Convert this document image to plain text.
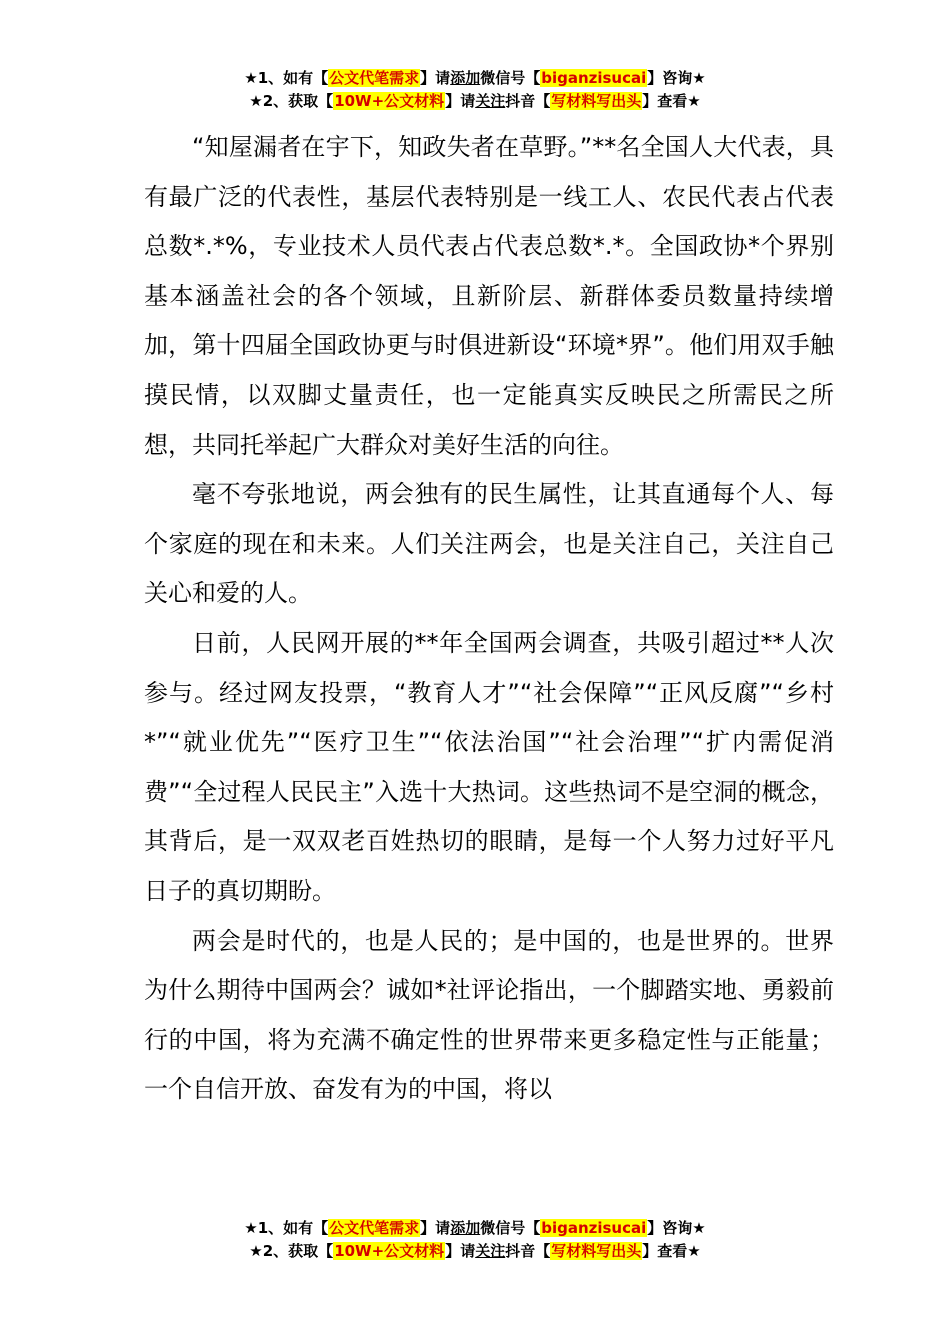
★1、如有【公文代笔需求】请添加微信号【biganzisucai】咨询★
★2、获取【10W+公文材料】请关注抖音【写材料写出头】查看★

“知屋漏者在宇下，知政失者在草野。”**名全国人大代表，具有最广泛的代表性，基层代表特别是一线工人、农民代表占代表总数*.*%，专业技术人员代表占代表总数*.*。全国政协*个界别基本涵盖社会的各个领域，且新阶层、新群体委员数量持续增加，第十四届全国政协更与时俱进新设“环境*界”。他们用双手触摸民情，以双脚丈量责任，也一定能真实反映民之所需民之所想，共同托举起广大群众对美好生活的向往。

毫不夸张地说，两会独有的民生属性，让其直通每个人、每个家庭的现在和未来。人们关注两会，也是关注自己，关注自己关心和爱的人。

日前，人民网开展的**年全国两会调查，共吸引超过**人次参与。经过网友投票，“教育人才”“社会保障”“正风反腐”“乡村*”“就业优先”“医疗卫生”“依法治国”“社会治理”“扩内需促消费”“全过程人民民主”入选十大热词。这些热词不是空洞的概念，其背后，是一双双老百姓热切的眼睛，是每一个人努力过好平凡日子的真切期盼。

两会是时代的，也是人民的；是中国的，也是世界的。世界为什么期待中国两会？诚如*社评论指出，一个脚踏实地、勇毅前行的中国，将为充满不确定性的世界带来更多稳定性与正能量；一个自信开放、奋发有为的中国，将以

★1、如有【公文代笔需求】请添加微信号【biganzisucai】咨询★
★2、获取【10W+公文材料】请关注抖音【写材料写出头】查看★
